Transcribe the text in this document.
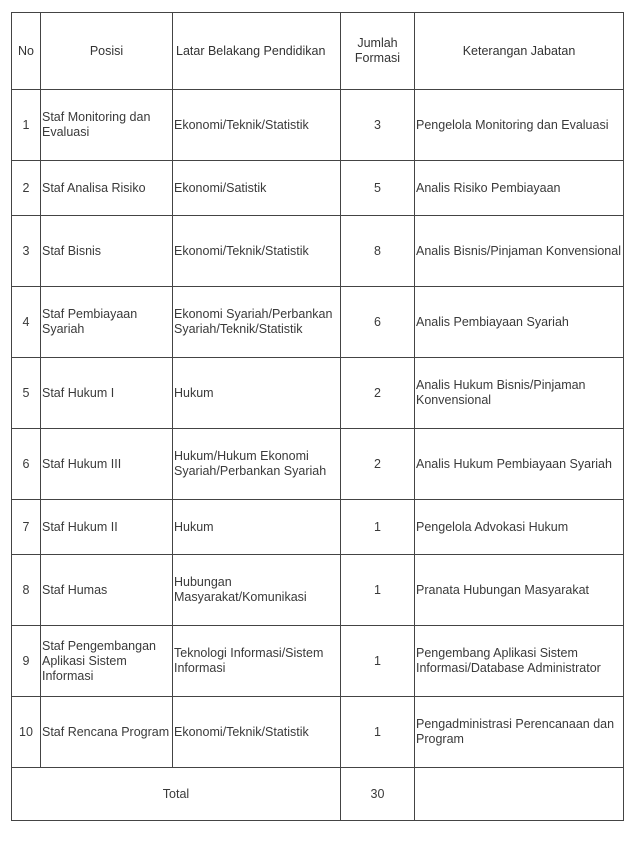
No	Posisi	Latar Belakang Pendidikan	Jumlah Formasi	Keterangan Jabatan
1	Staf Monitoring dan Evaluasi	Ekonomi/Teknik/Statistik	3	Pengelola Monitoring dan Evaluasi
2	Staf Analisa Risiko	Ekonomi/Satistik	5	Analis Risiko Pembiayaan
3	Staf Bisnis	Ekonomi/Teknik/Statistik	8	Analis Bisnis/Pinjaman Konvensional
4	Staf Pembiayaan Syariah	Ekonomi Syariah/Perbankan Syariah/Teknik/Statistik	6	Analis Pembiayaan Syariah
5	Staf Hukum I	Hukum	2	Analis Hukum Bisnis/Pinjaman Konvensional
6	Staf Hukum III	Hukum/Hukum Ekonomi Syariah/Perbankan Syariah	2	Analis Hukum Pembiayaan Syariah
7	Staf Hukum II	Hukum	1	Pengelola Advokasi Hukum
8	Staf Humas	Hubungan Masyarakat/Komunikasi	1	Pranata Hubungan Masyarakat
9	Staf Pengembangan Aplikasi Sistem Informasi	Teknologi Informasi/Sistem Informasi	1	Pengembang Aplikasi Sistem Informasi/Database Administrator
10	Staf Rencana Program	Ekonomi/Teknik/Statistik	1	Pengadministrasi Perencanaan dan Program
Total			30	
